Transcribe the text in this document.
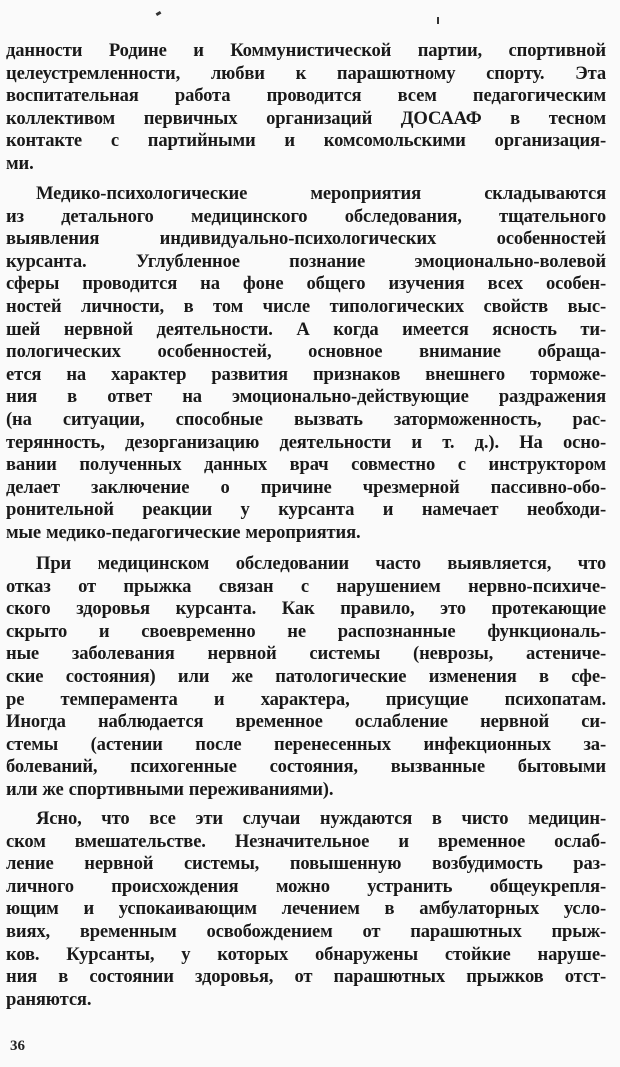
данности Родине и Коммунистической партии, спортивной
целеустремленности, любви к парашютному спорту. Эта
воспитательная работа проводится всем педагогическим
коллективом первичных организаций ДОСААФ в тесном
контакте с партийными и комсомольскими организация-
ми.
Медико-психологические мероприятия складываются
из детального медицинского обследования, тщательного
выявления индивидуально-психологических особенностей
курсанта. Углубленное познание эмоционально-волевой
сферы проводится на фоне общего изучения всех особен-
ностей личности, в том числе типологических свойств выс-
шей нервной деятельности. А когда имеется ясность ти-
пологических особенностей, основное внимание обраща-
ется на характер развития признаков внешнего торможе-
ния в ответ на эмоционально-действующие раздражения
(на ситуации, способные вызвать заторможенность, рас-
терянность, дезорганизацию деятельности и т. д.). На осно-
вании полученных данных врач совместно с инструктором
делает заключение о причине чрезмерной пассивно-обо-
ронительной реакции у курсанта и намечает необходи-
мые медико-педагогические мероприятия.
При медицинском обследовании часто выявляется, что
отказ от прыжка связан с нарушением нервно-психиче-
ского здоровья курсанта. Как правило, это протекающие
скрыто и своевременно не распознанные функциональ-
ные заболевания нервной системы (неврозы, астениче-
ские состояния) или же патологические изменения в сфе-
ре темперамента и характера, присущие психопатам.
Иногда наблюдается временное ослабление нервной си-
стемы (астении после перенесенных инфекционных за-
болеваний, психогенные состояния, вызванные бытовыми
или же спортивными переживаниями).
Ясно, что все эти случаи нуждаются в чисто медицин-
ском вмешательстве. Незначительное и временное ослаб-
ление нервной системы, повышенную возбудимость раз-
личного происхождения можно устранить общеукрепля-
ющим и успокаивающим лечением в амбулаторных усло-
виях, временным освобождением от парашютных прыж-
ков. Курсанты, у которых обнаружены стойкие наруше-
ния в состоянии здоровья, от парашютных прыжков отст-
раняются.
36
